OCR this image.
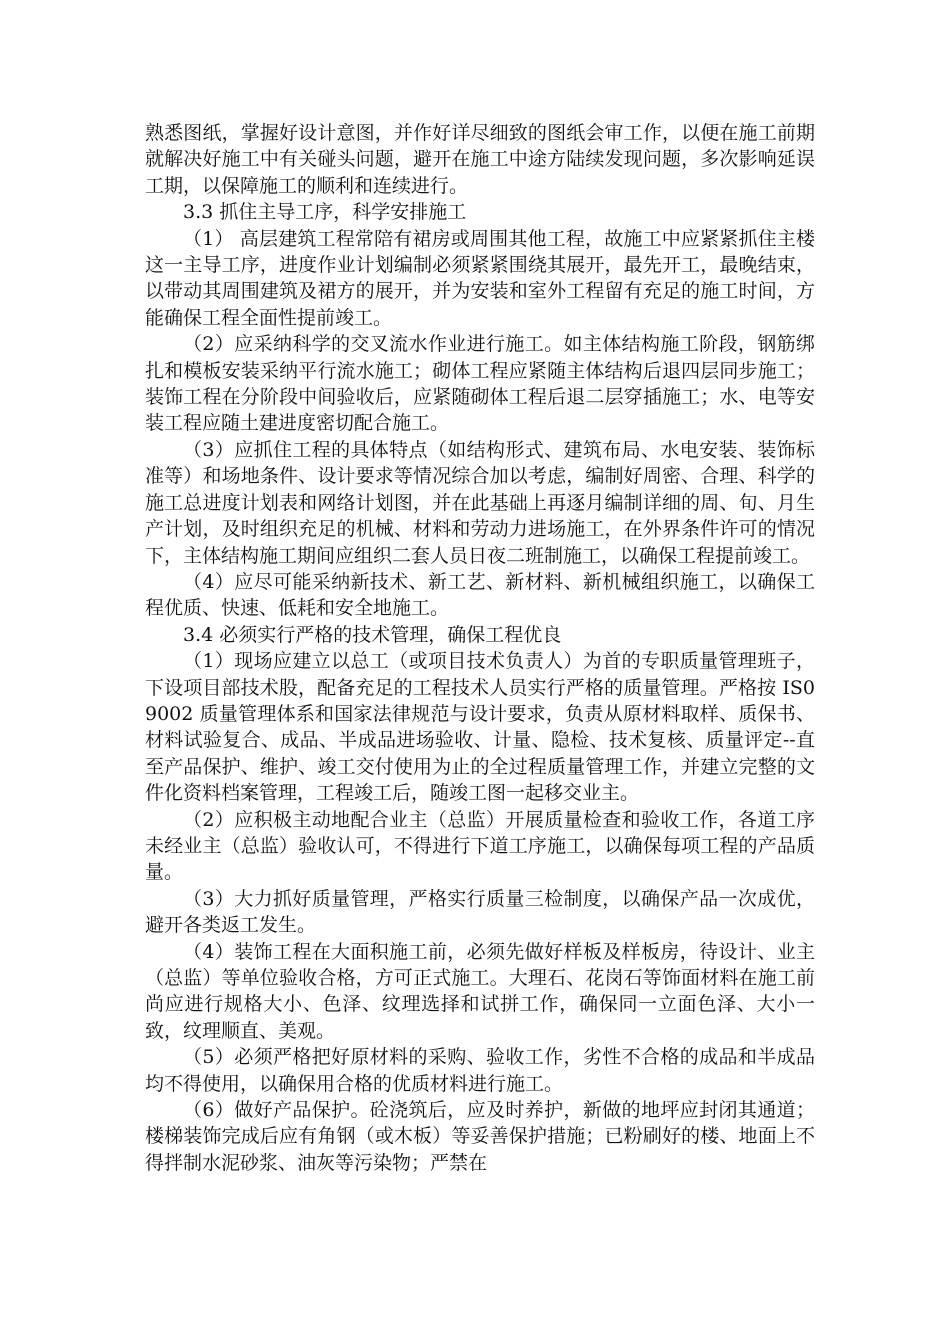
熟悉图纸，掌握好设计意图，并作好详尽细致的图纸会审工作，以便在施工前期就解决好施工中有关碰头问题，避开在施工中途方陆续发现问题，多次影响延误工期，以保障施工的顺利和连续进行。

3.3 抓住主导工序，科学安排施工

（1） 高层建筑工程常陪有裙房或周围其他工程，故施工中应紧紧抓住主楼这一主导工序，进度作业计划编制必须紧紧围绕其展开，最先开工，最晚结束，以带动其周围建筑及裙方的展开，并为安装和室外工程留有充足的施工时间，方能确保工程全面性提前竣工。

（2）应采纳科学的交叉流水作业进行施工。如主体结构施工阶段，钢筋绑扎和模板安装采纳平行流水施工；砌体工程应紧随主体结构后退四层同步施工；装饰工程在分阶段中间验收后，应紧随砌体工程后退二层穿插施工；水、电等安装工程应随土建进度密切配合施工。

（3）应抓住工程的具体特点（如结构形式、建筑布局、水电安装、装饰标准等）和场地条件、设计要求等情况综合加以考虑，编制好周密、合理、科学的施工总进度计划表和网络计划图，并在此基础上再逐月编制详细的周、旬、月生产计划，及时组织充足的机械、材料和劳动力进场施工，在外界条件许可的情况下，主体结构施工期间应组织二套人员日夜二班制施工，以确保工程提前竣工。

（4）应尽可能采纳新技术、新工艺、新材料、新机械组织施工，以确保工程优质、快速、低耗和安全地施工。

3.4 必须实行严格的技术管理，确保工程优良

（1）现场应建立以总工（或项目技术负责人）为首的专职质量管理班子，下设项目部技术股，配备充足的工程技术人员实行严格的质量管理。严格按 IS09002 质量管理体系和国家法律规范与设计要求，负责从原材料取样、质保书、材料试验复合、成品、半成品进场验收、计量、隐检、技术复核、质量评定--直至产品保护、维护、竣工交付使用为止的全过程质量管理工作，并建立完整的文件化资料档案管理，工程竣工后，随竣工图一起移交业主。

（2）应积极主动地配合业主（总监）开展质量检查和验收工作，各道工序未经业主（总监）验收认可，不得进行下道工序施工，以确保每项工程的产品质量。

（3）大力抓好质量管理，严格实行质量三检制度，以确保产品一次成优，避开各类返工发生。

（4）装饰工程在大面积施工前，必须先做好样板及样板房，待设计、业主（总监）等单位验收合格，方可正式施工。大理石、花岗石等饰面材料在施工前尚应进行规格大小、色泽、纹理选择和试拼工作，确保同一立面色泽、大小一致，纹理顺直、美观。

（5）必须严格把好原材料的采购、验收工作，劣性不合格的成品和半成品均不得使用，以确保用合格的优质材料进行施工。

（6）做好产品保护。砼浇筑后，应及时养护，新做的地坪应封闭其通道；楼梯装饰完成后应有角钢（或木板）等妥善保护措施；已粉刷好的楼、地面上不得拌制水泥砂浆、油灰等污染物；严禁在
